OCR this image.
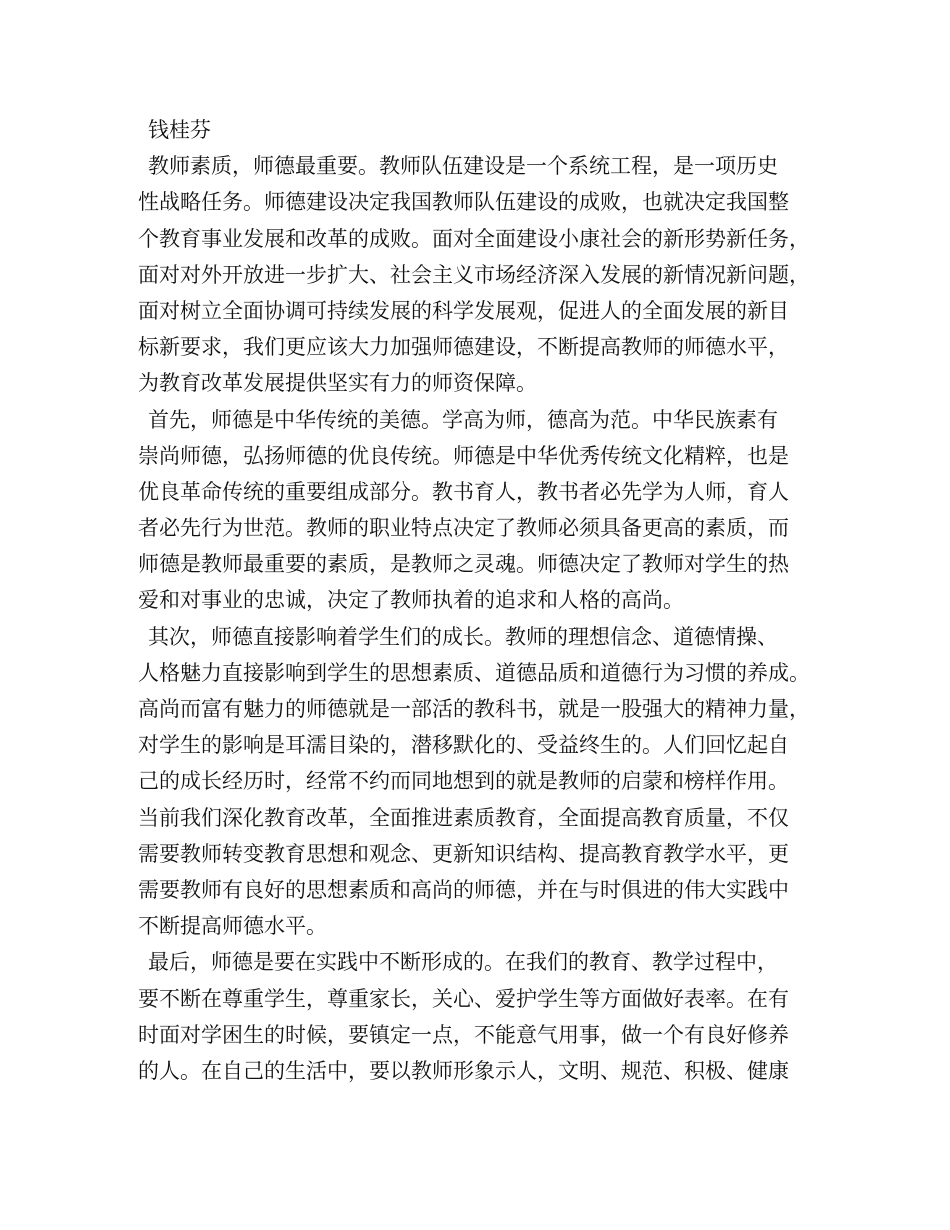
钱桂芬
教师素质，师德最重要。教师队伍建设是一个系统工程，是一项历史
性战略任务。师德建设决定我国教师队伍建设的成败，也就决定我国整
个教育事业发展和改革的成败。面对全面建设小康社会的新形势新任务，
面对对外开放进一步扩大、社会主义市场经济深入发展的新情况新问题，
面对树立全面协调可持续发展的科学发展观，促进人的全面发展的新目
标新要求，我们更应该大力加强师德建设，不断提高教师的师德水平，
为教育改革发展提供坚实有力的师资保障。
首先，师德是中华传统的美德。学高为师，德高为范。中华民族素有
崇尚师德，弘扬师德的优良传统。师德是中华优秀传统文化精粹，也是
优良革命传统的重要组成部分。教书育人，教书者必先学为人师，育人
者必先行为世范。教师的职业特点决定了教师必须具备更高的素质，而
师德是教师最重要的素质，是教师之灵魂。师德决定了教师对学生的热
爱和对事业的忠诚，决定了教师执着的追求和人格的高尚。
其次，师德直接影响着学生们的成长。教师的理想信念、道德情操、
人格魅力直接影响到学生的思想素质、道德品质和道德行为习惯的养成。
高尚而富有魅力的师德就是一部活的教科书，就是一股强大的精神力量，
对学生的影响是耳濡目染的，潜移默化的、受益终生的。人们回忆起自
己的成长经历时，经常不约而同地想到的就是教师的启蒙和榜样作用。
当前我们深化教育改革，全面推进素质教育，全面提高教育质量，不仅
需要教师转变教育思想和观念、更新知识结构、提高教育教学水平，更
需要教师有良好的思想素质和高尚的师德，并在与时俱进的伟大实践中
不断提高师德水平。
最后，师德是要在实践中不断形成的。在我们的教育、教学过程中，
要不断在尊重学生，尊重家长，关心、爱护学生等方面做好表率。在有
时面对学困生的时候，要镇定一点，不能意气用事，做一个有良好修养
的人。在自己的生活中，要以教师形象示人，文明、规范、积极、健康
